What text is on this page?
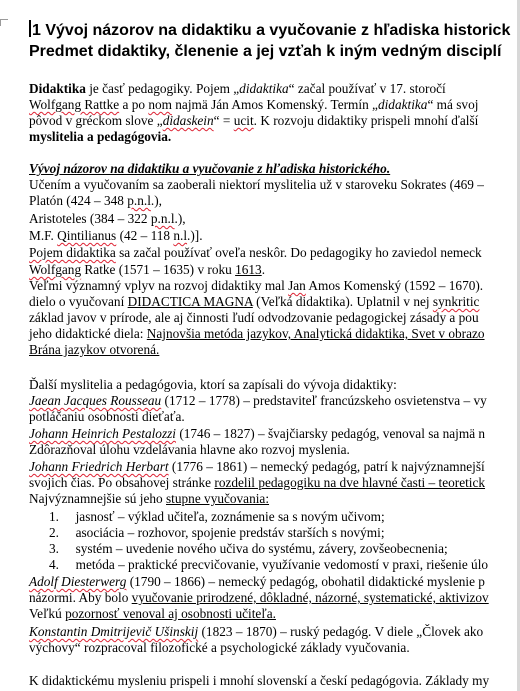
1 Vývoj názorov na didaktiku a vyučovanie z hľadiska historick
Predmet didaktiky, členenie a jej vzťah k iným vedným disciplí
Didaktika je časť pedagogiky. Pojem „didaktika“ začal používať v 17. storočí
Wolfgang Rattke a po nom najmä Ján Amos Komenský. Termín „didaktika“ má svoj
pôvod v gréckom slove „didaskein“ = ucit. K rozvoju didaktiky prispeli mnohí ďalší
myslitelia a pedagógovia.
Vývoj názorov na didaktiku a vyučovanie z hľadiska historického.
Učením a vyučovaním sa zaoberali niektorí myslitelia už v staroveku Sokrates (469 –
Platón (424 – 348 p.n.l.),
Aristoteles (384 – 322 p.n.l.),
M.F. Qintilianus (42 – 118 n.l.)].
Pojem didaktika sa začal používať oveľa neskôr. Do pedagogiky ho zaviedol nemeck
Wolfgang Ratke (1571 – 1635) v roku 1613.
Veľmi významný vplyv na rozvoj didaktiky mal Jan Amos Komenský (1592 – 1670).
dielo o vyučovaní DIDACTICA MAGNA (Veľká didaktika). Uplatnil v nej synkritic
základ javov v prírode, ale aj činnosti ľudí odvodzovanie pedagogickej zásady a pou
jeho didaktické diela: Najnovšia metóda jazykov, Analytická didaktika, Svet v obrazo
Brána jazykov otvorená.
Ďalší myslitelia a pedagógovia, ktorí sa zapísali do vývoja didaktiky:
Jaean Jacques Rousseau (1712 – 1778) – predstaviteľ francúzskeho osvietenstva – vy
potláčaniu osobnosti dieťaťa.
Johann Heinrich Pestalozzi (1746 – 1827) – švajčiarsky pedagóg, venoval sa najmä n
Zdôrazňoval úlohu vzdelávania hlavne ako rozvoj myslenia.
Johann Friedrich Herbart (1776 – 1861) – nemecký pedagóg, patrí k najvýznamnejší
svojich čias. Po obsahovej stránke rozdelil pedagogiku na dve hlavné časti – teoretick
Najvýznamnejšie sú jeho stupne vyučovania:
1. jasnosť – výklad učiteľa, zoznámenie sa s novým učivom;
2. asociácia – rozhovor, spojenie predstáv starších s novými;
3. systém – uvedenie nového učiva do systému, závery, zovšeobecnenia;
4. metóda – praktické precvičovanie, využívanie vedomostí v praxi, riešenie úlo
Adolf Diesterwerg (1790 – 1866) – nemecký pedagóg, obohatil didaktické myslenie p
názormi. Aby bolo vyučovanie prirodzené, dôkladné, názorné, systematické, aktivizov
Veľkú pozornosť venoval aj osobnosti učiteľa.
Konstantin Dmitrijevič Ušinskij (1823 – 1870) – ruský pedagóg. V diele „Človek ako
výchovy“ rozpracoval filozofické a psychologické základy vyučovania.
K didaktickému mysleniu prispeli i mnohí slovenskí a českí pedagógovia. Základy my
